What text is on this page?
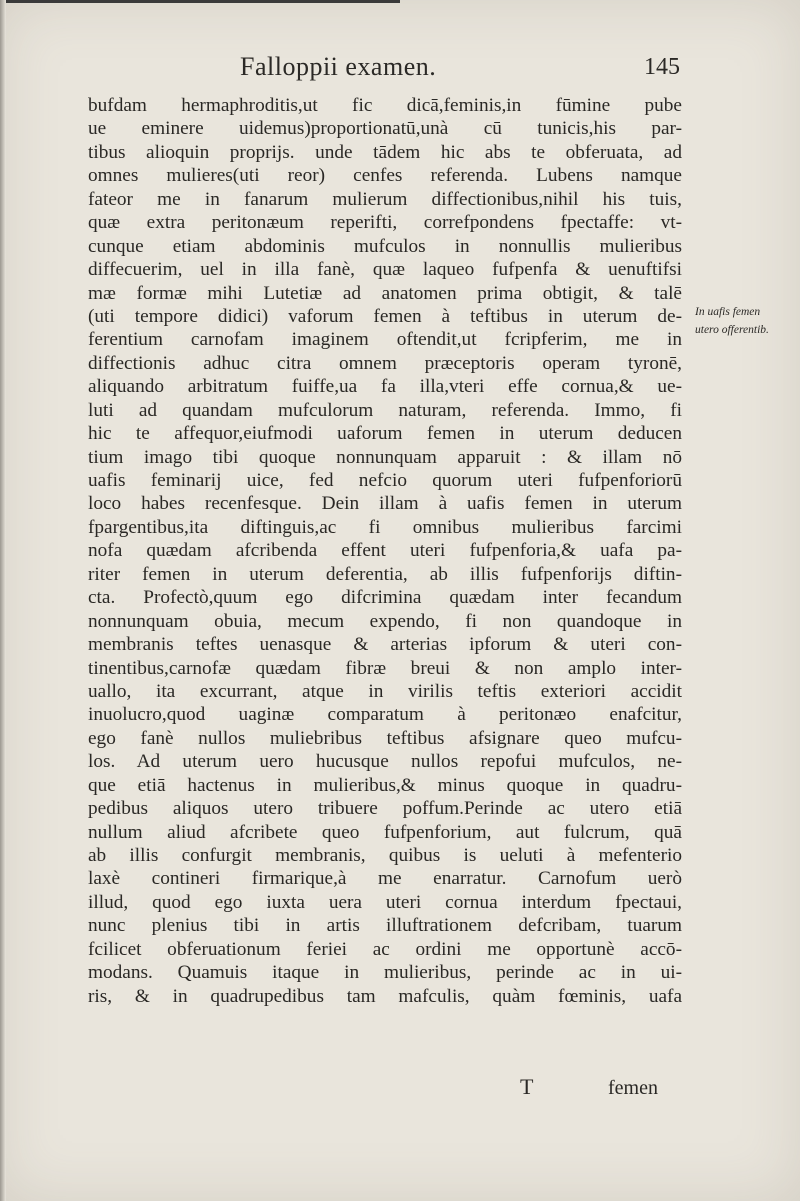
Falloppii examen.	145
bufdam hermaphroditis,ut fic dicā,feminis,in fūmine pube
ue eminere uidemus)proportionatū,unà cū tunicis,his par-
tibus alioquin proprijs. unde tādem hic abs te obferuata, ad
omnes mulieres(uti reor) cenfes referenda. Lubens namque
fateor me in fanarum mulierum diffectionibus,nihil his tuis,
quæ extra peritonæum reperifti, correfpondens fpectaffe: vt-
cunque etiam abdominis mufculos in nonnullis mulieribus
diffecuerim, uel in illa fanè, quæ laqueo fufpenfa & uenuftifsi
mæ formæ mihi Lutetiæ ad anatomen prima obtigit, & talē
(uti tempore didici) vaforum femen à teftibus in uterum de-
ferentium carnofam imaginem oftendit,ut fcripferim, me in
diffectionis adhuc citra omnem præceptoris operam tyronē,
aliquando arbitratum fuiffe,ua fa illa,vteri effe cornua,& ue-
luti ad quandam mufculorum naturam, referenda. Immo, fi
hic te affequor,eiufmodi uaforum femen in uterum deducen
tium imago tibi quoque nonnunquam apparuit : & illam nō
uafis feminarij uice, fed nefcio quorum uteri fufpenforiorū
loco habes recenfesque. Dein illam à uafis femen in uterum
fpargentibus,ita diftinguis,ac fi omnibus mulieribus farcimi
nofa quædam afcribenda effent uteri fufpenforia,& uafa pa-
riter femen in uterum deferentia, ab illis fufpenforijs diftin-
cta. Profectò,quum ego difcrimina quædam inter fecandum
nonnunquam obuia, mecum expendo, fi non quandoque in
membranis teftes uenasque & arterias ipforum & uteri con-
tinentibus,carnofæ quædam fibræ breui & non amplo inter-
uallo, ita excurrant, atque in virilis teftis exteriori accidit
inuolucro,quod uaginæ comparatum à peritonæo enafcitur,
ego fanè nullos muliebribus teftibus afsignare queo mufcu-
los. Ad uterum uero hucusque nullos repofui mufculos, ne-
que etiā hactenus in mulieribus,& minus quoque in quadru-
pedibus aliquos utero tribuere poffum.Perinde ac utero etiā
nullum aliud afcribete queo fufpenforium, aut fulcrum, quā
ab illis confurgit membranis, quibus is ueluti à mefenterio
laxè contineri firmarique,à me enarratur. Carnofum uerò
illud, quod ego iuxta uera uteri cornua interdum fpectaui,
nunc plenius tibi in artis illuftrationem defcribam, tuarum
fcilicet obferuationum feriei ac ordini me opportunè accō-
modans. Quamuis itaque in mulieribus, perinde ac in ui-
ris, & in quadrupedibus tam mafculis, quàm fœminis, uafa
In uafis femen
utero offerentib.
T	femen
